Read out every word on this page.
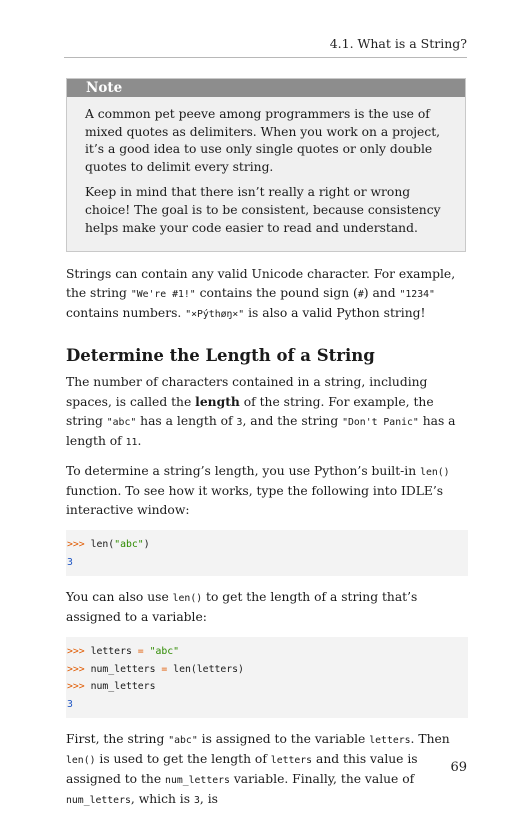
4.1. What is a String?
Note

A common pet peeve among programmers is the use of mixed quotes as delimiters. When you work on a project, it’s a good idea to use only single quotes or only double quotes to delimit every string.

Keep in mind that there isn’t really a right or wrong choice! The goal is to be consistent, because consistency helps make your code easier to read and understand.

Strings can contain any valid Unicode character. For example, the string "We're #1!" contains the pound sign (#) and "1234" contains numbers. "×Pýthøŋ×" is also a valid Python string!

Determine the Length of a String

The number of characters contained in a string, including spaces, is called the length of the string. For example, the string "abc" has a length of 3, and the string "Don't Panic" has a length of 11.

To determine a string’s length, you use Python’s built-in len() function. To see how it works, type the following into IDLE’s interactive window:

>>> len("abc")
3

You can also use len() to get the length of a string that’s assigned to a variable:

>>> letters = "abc"
>>> num_letters = len(letters)
>>> num_letters
3

First, the string "abc" is assigned to the variable letters. Then len() is used to get the length of letters and this value is assigned to the num_letters variable. Finally, the value of num_letters, which is 3, is

69
